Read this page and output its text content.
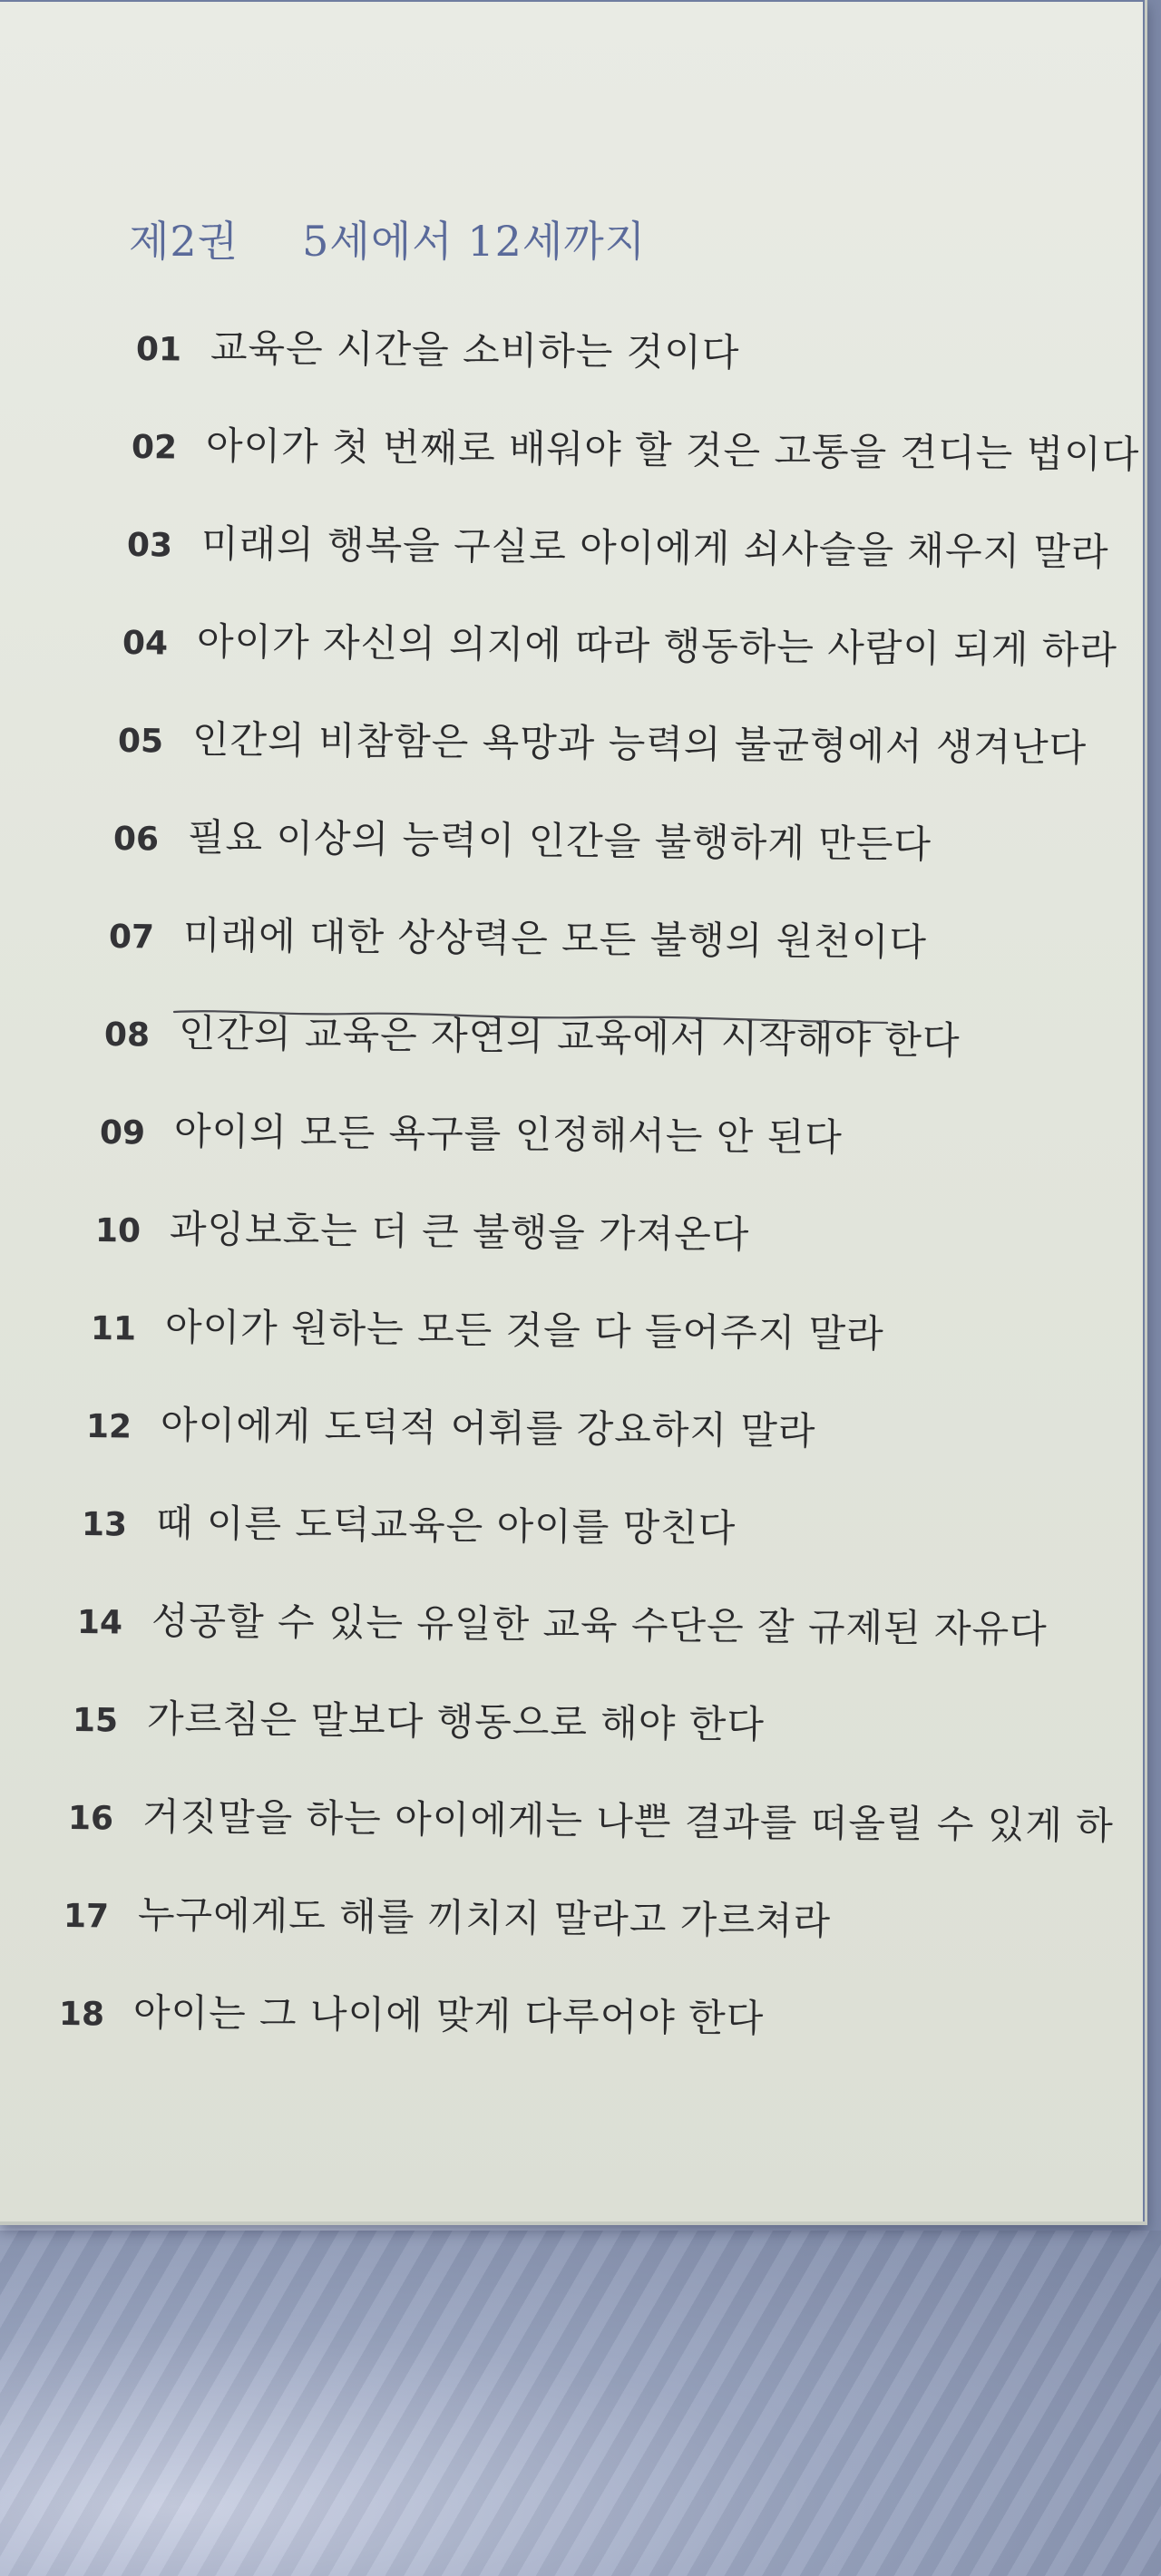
제2권 5세에서 12세까지
01 교육은 시간을 소비하는 것이다
02 아이가 첫 번째로 배워야 할 것은 고통을 견디는 법이다
03 미래의 행복을 구실로 아이에게 쇠사슬을 채우지 말라
04 아이가 자신의 의지에 따라 행동하는 사람이 되게 하라
05 인간의 비참함은 욕망과 능력의 불균형에서 생겨난다
06 필요 이상의 능력이 인간을 불행하게 만든다
07 미래에 대한 상상력은 모든 불행의 원천이다
08 인간의 교육은 자연의 교육에서 시작해야 한다
09 아이의 모든 욕구를 인정해서는 안 된다
10 과잉보호는 더 큰 불행을 가져온다
11 아이가 원하는 모든 것을 다 들어주지 말라
12 아이에게 도덕적 어휘를 강요하지 말라
13 때 이른 도덕교육은 아이를 망친다
14 성공할 수 있는 유일한 교육 수단은 잘 규제된 자유다
15 가르침은 말보다 행동으로 해야 한다
16 거짓말을 하는 아이에게는 나쁜 결과를 떠올릴 수 있게 하
17 누구에게도 해를 끼치지 말라고 가르쳐라
18 아이는 그 나이에 맞게 다루어야 한다
